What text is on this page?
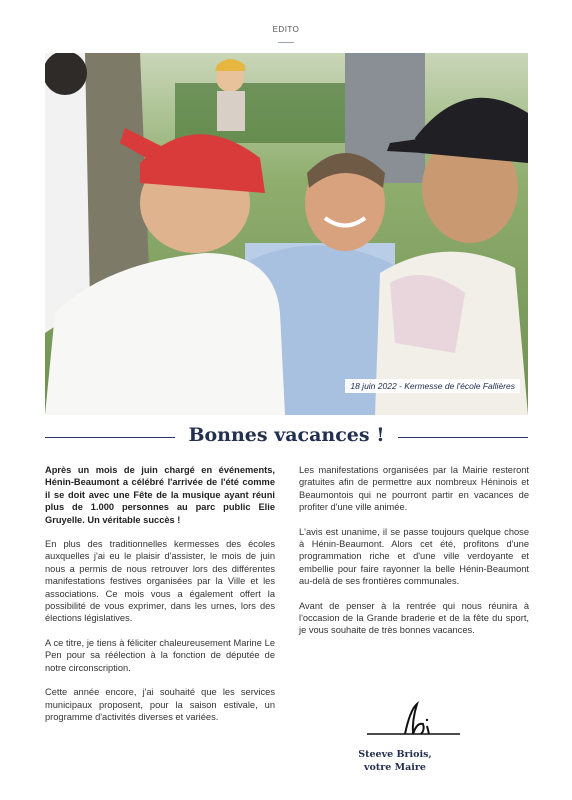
EDITO
18 juin 2022 - Kermesse de l'école Fallières
Bonnes vacances !

Après un mois de juin chargé en événements, Hénin-Beaumont a célébré l'arrivée de l'été comme il se doit avec une Fête de la musique ayant réuni plus de 1.000 personnes au parc public Elie Gruyelle. Un véritable succès !

En plus des traditionnelles kermesses des écoles auxquelles j'ai eu le plaisir d'assister, le mois de juin nous a permis de nous retrouver lors des différentes manifestations festives organisées par la Ville et les associations. Ce mois vous a également offert la possibilité de vous exprimer, dans les urnes, lors des élections législatives.

A ce titre, je tiens à féliciter chaleureusement Marine Le Pen pour sa réélection à la fonction de députée de notre circonscription.

Cette année encore, j'ai souhaité que les services municipaux proposent, pour la saison estivale, un programme d'activités diverses et variées.

Les manifestations organisées par la Mairie resteront gratuites afin de permettre aux nombreux Héninois et Beaumontois qui ne pourront partir en vacances de profiter d'une ville animée.

L'avis est unanime, il se passe toujours quelque chose à Hénin-Beaumont. Alors cet été, profitons d'une programmation riche et d'une ville verdoyante et embellie pour faire rayonner la belle Hénin-Beaumont au-delà de ses frontières communales.

Avant de penser à la rentrée qui nous réunira à l'occasion de la Grande braderie et de la fête du sport, je vous souhaite de très bonnes vacances.

Steeve Briois,
votre Maire
